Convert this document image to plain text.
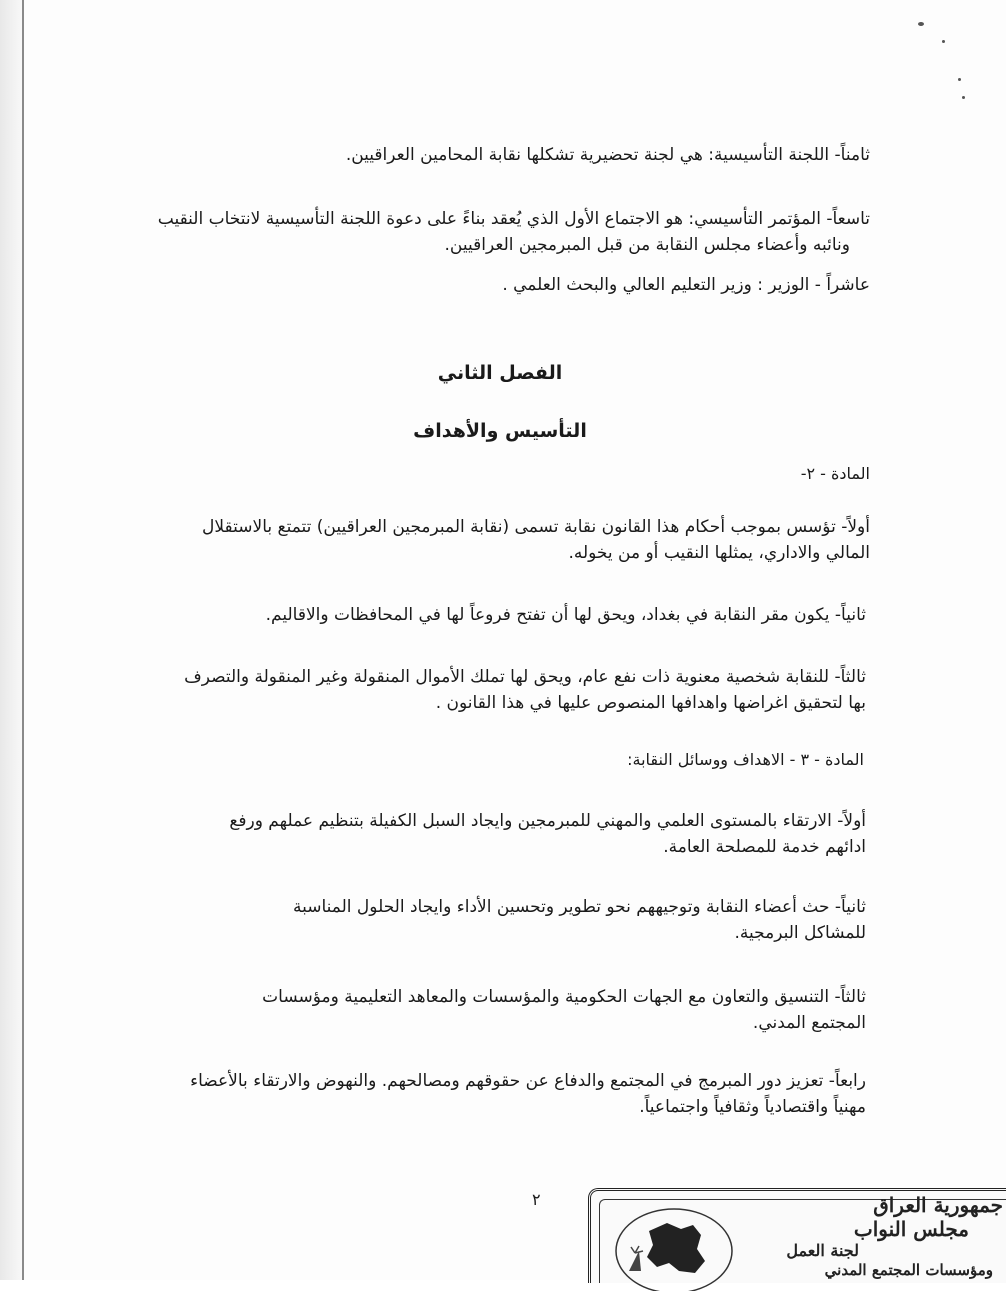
ثامناً- اللجنة التأسيسية: هي لجنة تحضيرية تشكلها نقابة المحامين العراقيين.

تاسعاً- المؤتمر التأسيسي: هو الاجتماع الأول الذي يُعقد بناءً على دعوة اللجنة التأسيسية لانتخاب النقيب
ونائبه وأعضاء مجلس النقابة من قبل المبرمجين العراقيين.

عاشراً - الوزير : وزير التعليم العالي والبحث العلمي .

الفصل الثاني
التأسيس والأهداف
المادة - ٢-
أولاً- تؤسس بموجب أحكام هذا القانون نقابة تسمى (نقابة المبرمجين العراقيين) تتمتع بالاستقلال
المالي والاداري، يمثلها النقيب أو من يخوله.
ثانياً- يكون مقر النقابة في بغداد، ويحق لها أن تفتح فروعاً لها في المحافظات والاقاليم.
ثالثاً- للنقابة شخصية معنوية ذات نفع عام، ويحق لها تملك الأموال المنقولة وغير المنقولة والتصرف
بها لتحقيق اغراضها واهدافها المنصوص عليها في هذا القانون .
المادة - ٣ - الاهداف ووسائل النقابة:
أولاً- الارتقاء بالمستوى العلمي والمهني للمبرمجين وايجاد السبل الكفيلة بتنظيم عملهم ورفع
ادائهم خدمة للمصلحة العامة.
ثانياً- حث أعضاء النقابة وتوجيههم نحو تطوير وتحسين الأداء وايجاد الحلول المناسبة
للمشاكل البرمجية.
ثالثاً- التنسيق والتعاون مع الجهات الحكومية والمؤسسات والمعاهد التعليمية ومؤسسات
المجتمع المدني.
رابعاً- تعزيز دور المبرمج في المجتمع والدفاع عن حقوقهم ومصالحهم. والنهوض والارتقاء بالأعضاء
مهنياً واقتصادياً وثقافياً واجتماعياً.
٢	جمهورية العراق
مجلس النواب
لجنة العمل
ومؤسسات المجتمع المدني
